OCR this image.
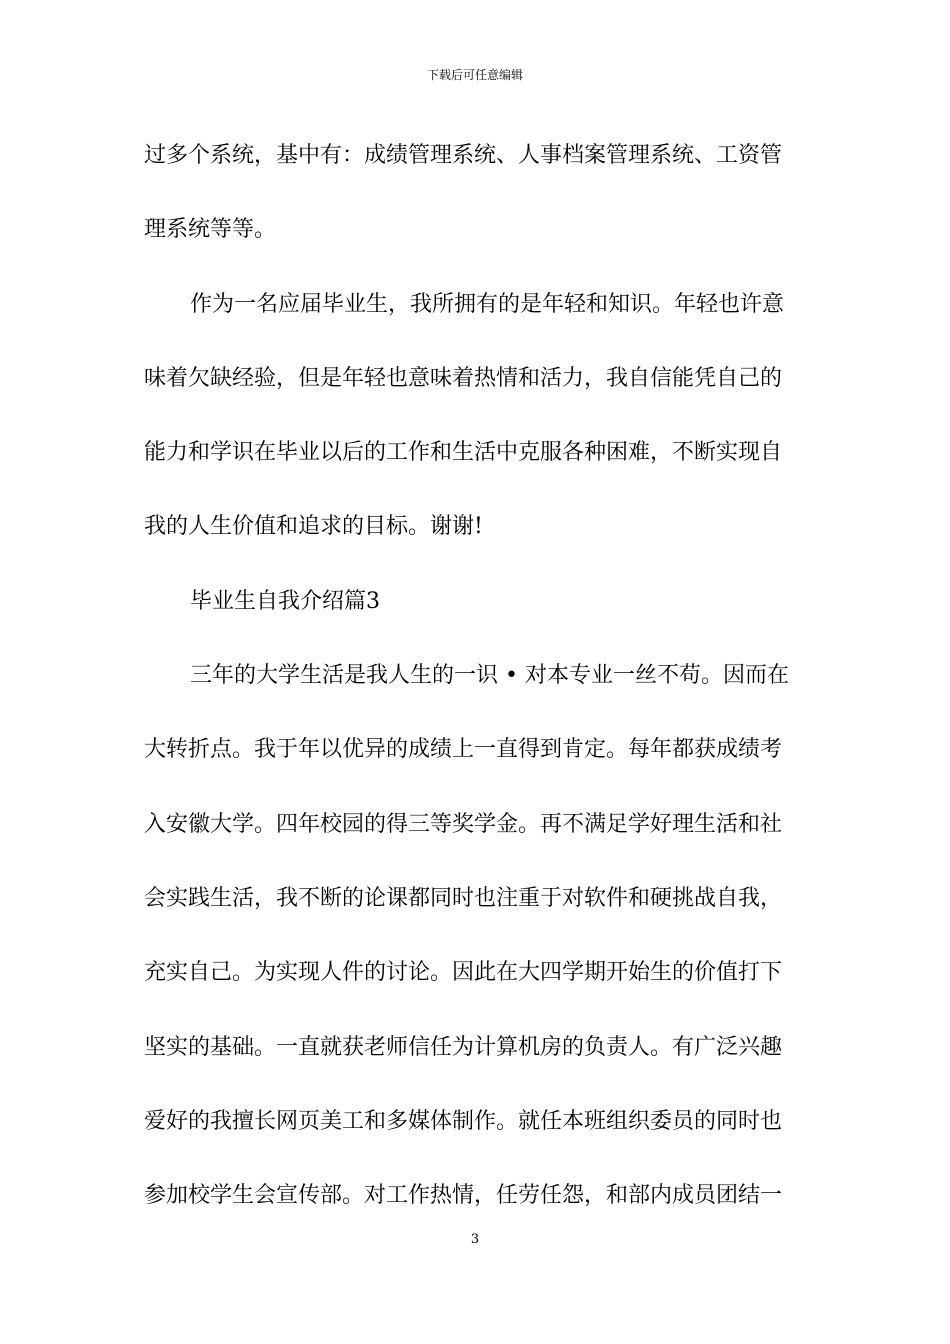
下载后可任意编辑
过多个系统，基中有：成绩管理系统、人事档案管理系统、工资管
理系统等等。
作为一名应届毕业生，我所拥有的是年轻和知识。年轻也许意
味着欠缺经验，但是年轻也意味着热情和活力，我自信能凭自己的
能力和学识在毕业以后的工作和生活中克服各种困难，不断实现自
我的人生价值和追求的目标。谢谢!
毕业生自我介绍篇3
三年的大学生活是我人生的一识 • 对本专业一丝不苟。因而在
大转折点。我于年以优异的成绩上一直得到肯定。每年都获成绩考
入安徽大学。四年校园的得三等奖学金。再不满足学好理生活和社
会实践生活，我不断的论课都同时也注重于对软件和硬挑战自我，
充实自己。为实现人件的讨论。因此在大四学期开始生的价值打下
坚实的基础。一直就获老师信任为计算机房的负责人。有广泛兴趣
爱好的我擅长网页美工和多媒体制作。就任本班组织委员的同时也
参加校学生会宣传部。对工作热情，任劳任怨，和部内成员团结一
3
